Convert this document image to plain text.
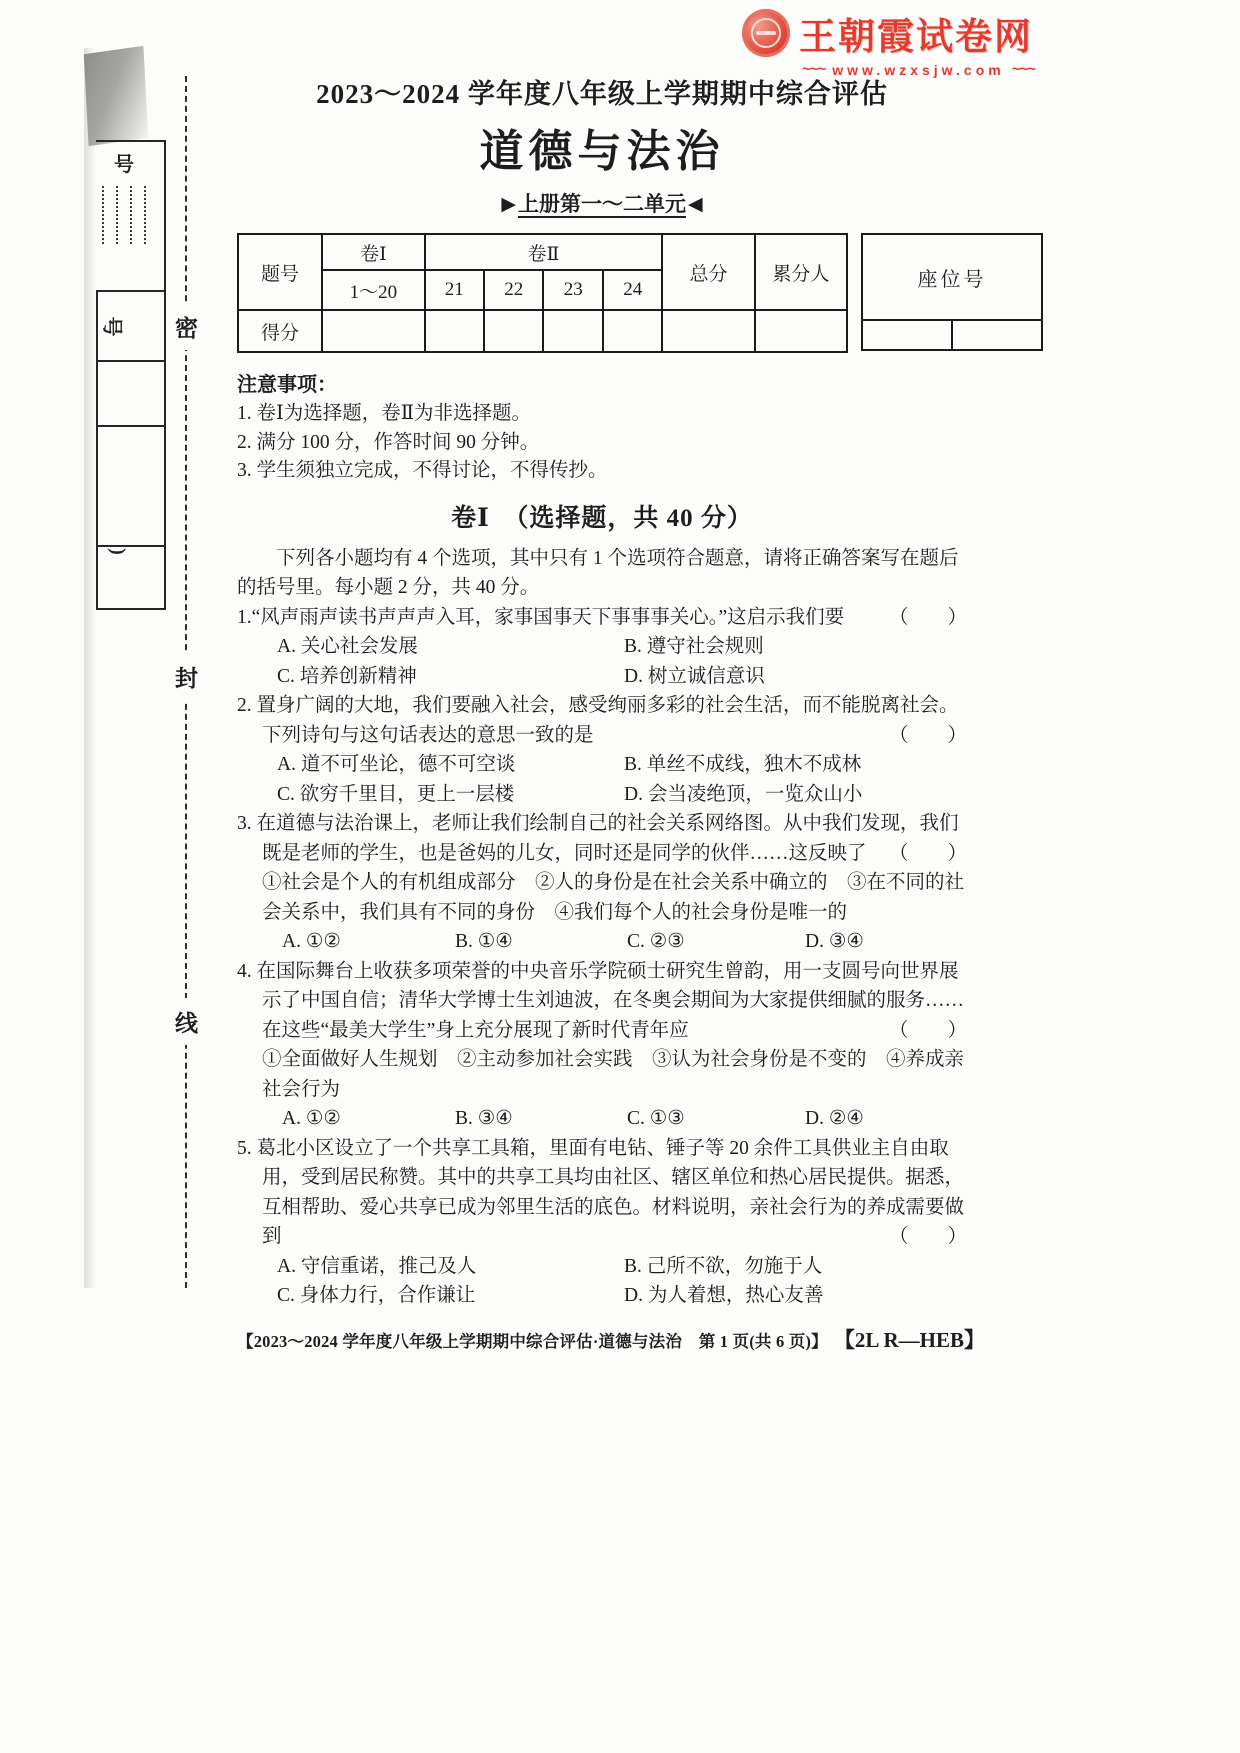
号
号
)
密
封
线
王朝霞试卷网
~~~ www.wzxsjw.com ~~~
2023～2024 学年度八年级上学期期中综合评估
道德与法治
▶上册第一～二单元 ◀
题号	卷Ⅰ	卷Ⅱ				总分	累分人
	1～20	21	22	23	24		
得分							
座位号
注意事项：
1. 卷Ⅰ为选择题，卷Ⅱ为非选择题。
2. 满分 100 分，作答时间 90 分钟。
3. 学生须独立完成，不得讨论，不得传抄。
卷Ⅰ　（选择题，共 40 分）

下列各小题均有 4 个选项，其中只有 1 个选项符合题意，请将正确答案写在题后的括号里。每小题 2 分，共 40 分。

1.“风声雨声读书声声声入耳，家事国事天下事事事关心。”这启示我们要 （　　）

A. 关心社会发展	B. 遵守社会规则
C. 培养创新精神	D. 树立诚信意识

2. 置身广阔的大地，我们要融入社会，感受绚丽多彩的社会生活，而不能脱离社会。下列诗句与这句话表达的意思一致的是	（　　）

A. 道不可坐论，德不可空谈	B. 单丝不成线，独木不成林
C. 欲穷千里目，更上一层楼	D. 会当凌绝顶，一览众山小

3. 在道德与法治课上，老师让我们绘制自己的社会关系网络图。从中我们发现，我们既是老师的学生，也是爸妈的儿女，同时还是同学的伙伴……这反映了 （　　）

①社会是个人的有机组成部分　②人的身份是在社会关系中确立的　③在不同的社会关系中，我们具有不同的身份　④我们每个人的社会身份是唯一的

A. ①②	B. ①④	C. ②③	D. ③④

4. 在国际舞台上收获多项荣誉的中央音乐学院硕士研究生曾韵，用一支圆号向世界展示了中国自信；清华大学博士生刘迪波，在冬奥会期间为大家提供细腻的服务……在这些“最美大学生”身上充分展现了新时代青年应	（　　）

①全面做好人生规划　②主动参加社会实践　③认为社会身份是不变的　④养成亲社会行为

A. ①②	B. ③④	C. ①③	D. ②④

5. 葛北小区设立了一个共享工具箱，里面有电钻、锤子等 20 余件工具供业主自由取用，受到居民称赞。其中的共享工具均由社区、辖区单位和热心居民提供。据悉，互相帮助、爱心共享已成为邻里生活的底色。材料说明，亲社会行为的养成需要做到	（　　）

A. 守信重诺，推己及人	B. 己所不欲，勿施于人
C. 身体力行，合作谦让	D. 为人着想，热心友善
【2023～2024 学年度八年级上学期期中综合评估·道德与法治　第 1 页(共 6 页)】 【2L R—HEB】
